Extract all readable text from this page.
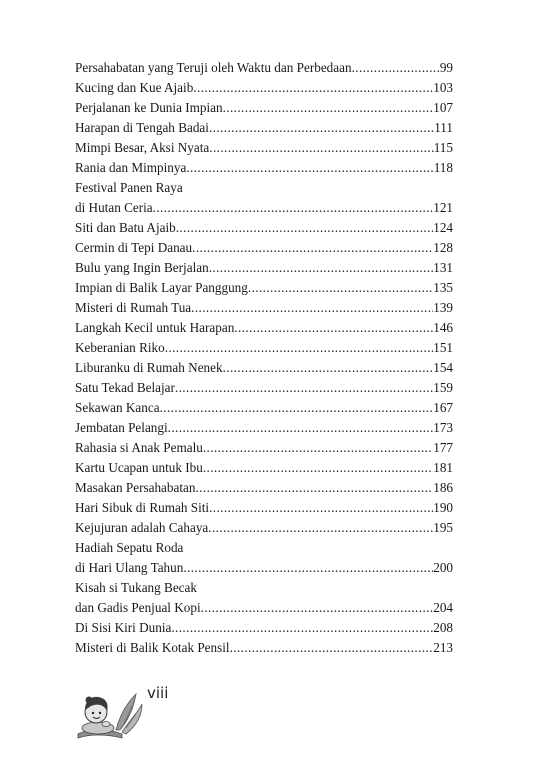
Persahabatan yang Teruji oleh Waktu dan Perbedaan .....	99
Kucing dan Kue Ajaib .....	103
Perjalanan ke Dunia Impian .....	107
Harapan di Tengah Badai .....	111
Mimpi Besar, Aksi Nyata .....	115
Rania dan Mimpinya .....	118
Festival Panen Raya
di Hutan Ceria .....	121
Siti dan Batu Ajaib .....	124
Cermin di Tepi Danau .....	128
Bulu yang Ingin Berjalan .....	131
Impian di Balik Layar Panggung .....	135
Misteri di Rumah Tua .....	139
Langkah Kecil untuk Harapan .....	146
Keberanian Riko .....	151
Liburanku di Rumah Nenek .....	154
Satu Tekad Belajar .....	159
Sekawan Kanca .....	167
Jembatan Pelangi .....	173
Rahasia si Anak Pemalu .....	177
Kartu Ucapan untuk Ibu .....	181
Masakan Persahabatan .....	186
Hari Sibuk di Rumah Siti .....	190
Kejujuran adalah Cahaya .....	195
Hadiah Sepatu Roda
di Hari Ulang Tahun .....	200
Kisah si Tukang Becak
dan Gadis Penjual Kopi .....	204
Di Sisi Kiri Dunia .....	208
Misteri di Balik Kotak Pensil .....	213
viii
